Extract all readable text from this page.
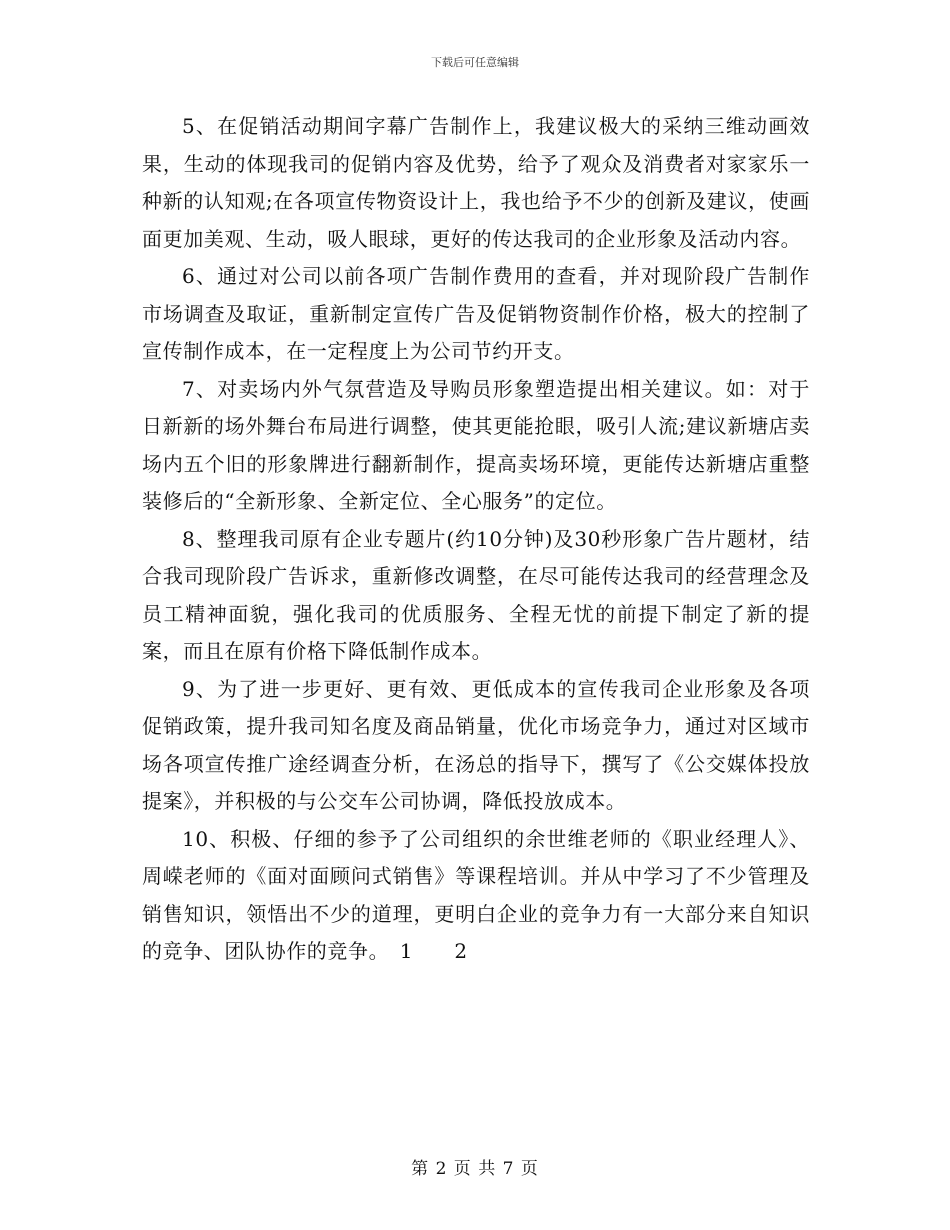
下载后可任意编辑

5、在促销活动期间字幕广告制作上，我建议极大的采纳三维动画效果，生动的体现我司的促销内容及优势，给予了观众及消费者对家家乐一种新的认知观;在各项宣传物资设计上，我也给予不少的创新及建议，使画面更加美观、生动，吸人眼球，更好的传达我司的企业形象及活动内容。

6、通过对公司以前各项广告制作费用的查看，并对现阶段广告制作市场调查及取证，重新制定宣传广告及促销物资制作价格，极大的控制了宣传制作成本，在一定程度上为公司节约开支。

7、对卖场内外气氛营造及导购员形象塑造提出相关建议。如：对于日新新的场外舞台布局进行调整，使其更能抢眼，吸引人流;建议新塘店卖场内五个旧的形象牌进行翻新制作，提高卖场环境，更能传达新塘店重整装修后的“全新形象、全新定位、全心服务”的定位。

8、整理我司原有企业专题片(约10分钟)及30秒形象广告片题材，结合我司现阶段广告诉求，重新修改调整，在尽可能传达我司的经营理念及员工精神面貌，强化我司的优质服务、全程无忧的前提下制定了新的提案，而且在原有价格下降低制作成本。

9、为了进一步更好、更有效、更低成本的宣传我司企业形象及各项促销政策，提升我司知名度及商品销量，优化市场竞争力，通过对区域市场各项宣传推广途经调查分析，在汤总的指导下，撰写了《公交媒体投放提案》，并积极的与公交车公司协调，降低投放成本。

10、积极、仔细的参予了公司组织的余世维老师的《职业经理人》、周嵘老师的《面对面顾问式销售》等课程培训。并从中学习了不少管理及销售知识，领悟出不少的道理，更明白企业的竞争力有一大部分来自知识的竞争、团队协作的竞争。　1　　2

第 2 页 共 7 页
